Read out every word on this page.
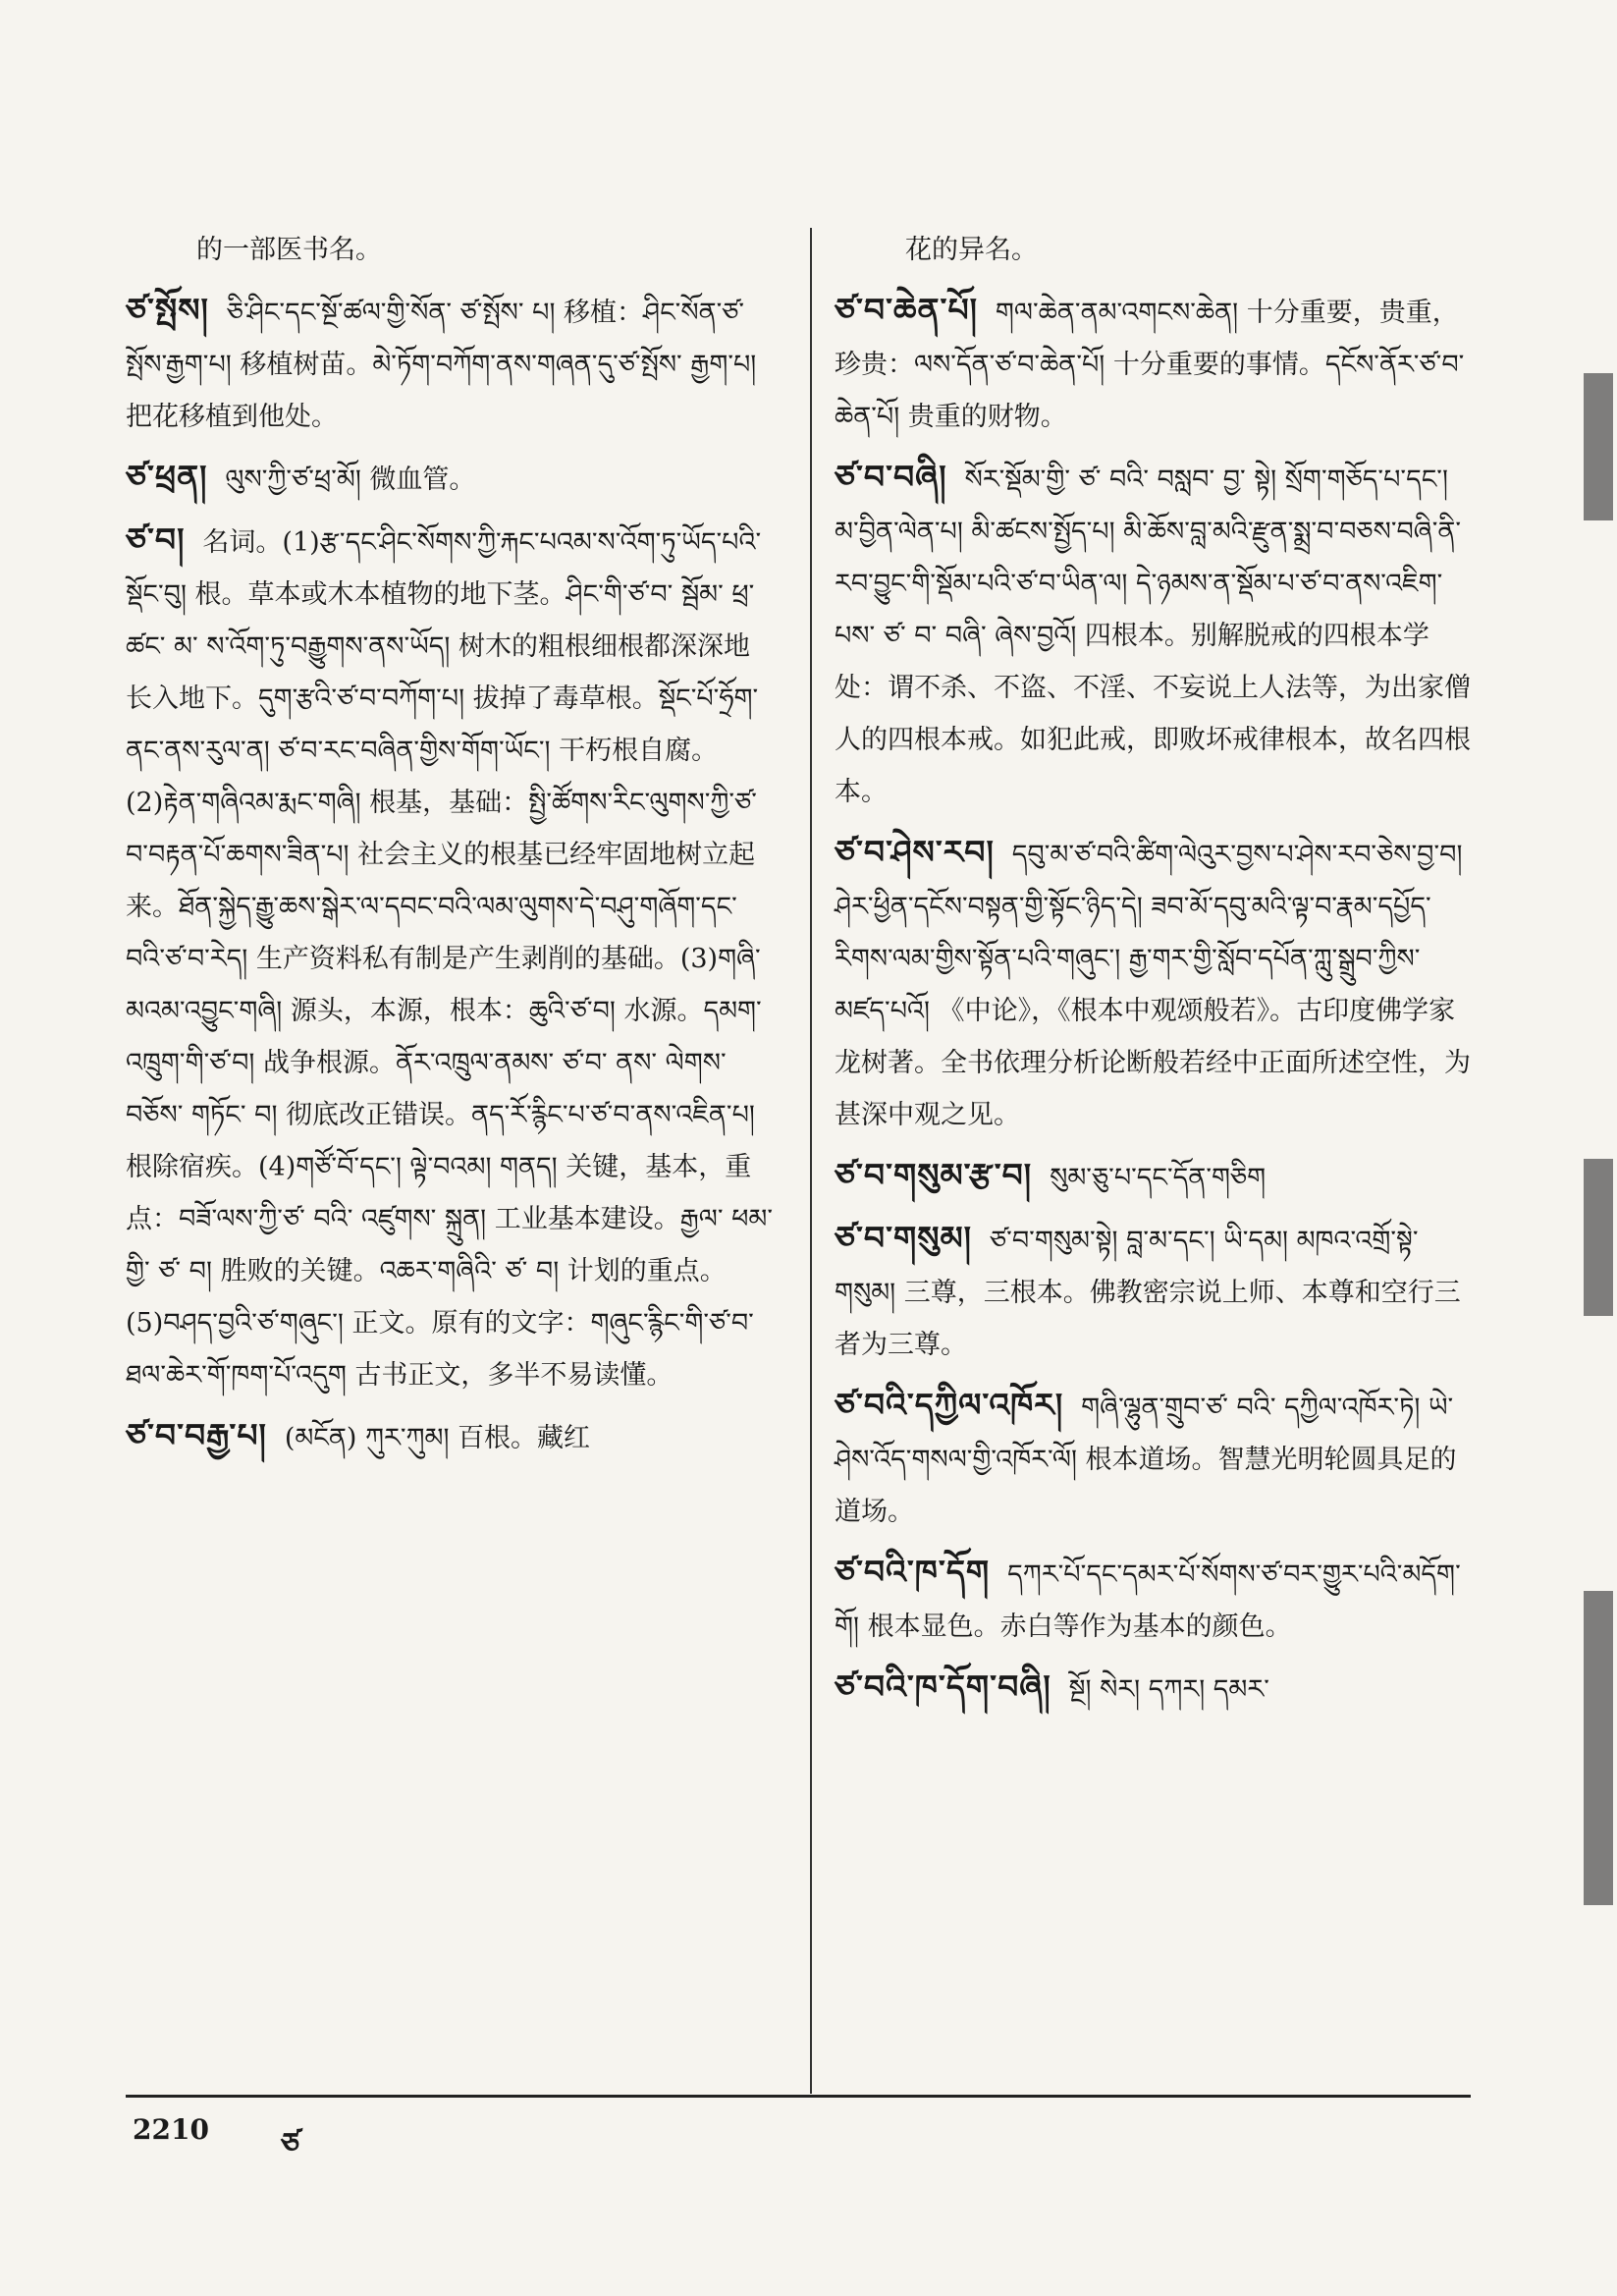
的一部医书名。
ཙ་སྤོས། ཅི་ཤིང་དང་སྔོ་ཚལ་གྱི་སོན་ ཙ་སྤོས་ པ། 移植：ཤིང་སོན་ཙ་སྤོས་རྒྱག་པ། 移植树苗。མེ་ཏོག་བཀོག་ནས་གཞན་དུ་ཙ་སྤོས་ རྒྱག་པ། 把花移植到他处。
ཙ་ཕྲན། ལུས་ཀྱི་ཙ་ཕྲ་མོ། 微血管。
ཙ་བ། 名词。(1)རྩ་དང་ཤིང་སོགས་ཀྱི་རྐང་པའམ་ས་འོག་ཏུ་ཡོད་པའི་སྡོང་བུ། 根。草本或木本植物的地下茎。ཤིང་གི་ཙ་བ་ སྦོམ་ ཕྲ་ ཚང་ མ་ ས་འོག་ཏུ་བརྒྱུགས་ནས་ཡོད། 树木的粗根细根都深深地长入地下。དུག་རྩའི་ཙ་བ་བཀོག་པ། 拔掉了毒草根。སྡོང་པོ་ཧྲོག་ནང་ནས་རུལ་ན། ཙ་བ་རང་བཞིན་གྱིས་གོག་ཡོང་། 干朽根自腐。(2)རྟེན་གཞིའམ་རྨང་གཞི། 根基，基础：སྤྱི་ཚོགས་རིང་ལུགས་ཀྱི་ཙ་བ་བརྟན་པོ་ཆགས་ཟིན་པ། 社会主义的根基已经牢固地树立起来。ཐོན་སྐྱེད་རྒྱུ་ཆས་སྒེར་ལ་དབང་བའི་ལམ་ལུགས་དེ་བཤུ་གཞོག་དང་བའི་ཙ་བ་རེད། 生产资料私有制是产生剥削的基础。(3)གཞི་མའམ་འབྱུང་གཞི། 源头，本源，根本：ཆུའི་ཙ་བ། 水源。དམག་འཁྲུག་གི་ཙ་བ། 战争根源。ནོར་འཁྲུལ་ནམས་ ཙ་བ་ ནས་ ལེགས་བཅོས་ གཏོང་ བ། 彻底改正错误。ནད་རོ་རྙིང་པ་ཙ་བ་ནས་འཇིན་པ། 根除宿疾。(4)གཙོ་བོ་དང་། ལྟེ་བའམ། གནད། 关键，基本，重点：བཟོ་ལས་ཀྱི་ཙ་ བའི་ འཛུགས་ སྐྲུན། 工业基本建设。རྒྱལ་ ཕམ་ གྱི་ ཙ་ བ། 胜败的关键。འཆར་གཞིའི་ ཙ་ བ། 计划的重点。(5)བཤད་བྱའི་ཙ་གཞུང་། 正文。原有的文字：གཞུང་རྙིང་གི་ཙ་བ་ཐལ་ཆེར་གོ་ཁག་པོ་འདུག 古书正文，多半不易读懂。
ཙ་བ་བརྒྱ་པ། (མངོན) ཀུར་ཀུམ། 百根。藏红
花的异名。
ཙ་བ་ཆེན་པོ། གལ་ཆེན་ནམ་འགངས་ཆེན། 十分重要，贵重，珍贵：ལས་དོན་ཙ་བ་ཆེན་པོ། 十分重要的事情。དངོས་ནོར་ཙ་བ་ཆེན་པོ། 贵重的财物。
ཙ་བ་བཞི། སོར་སྡོམ་གྱི་ ཙ་ བའི་ བསླབ་ བྱ་ སྟེ། སྲོག་གཅོད་པ་དང་། མ་བྱིན་ལེན་པ། མི་ཚངས་སྤྱོད་པ། མི་ཆོས་བླ་མའི་རྫུན་སྨྲ་བ་བཅས་བཞི་ནི་རབ་བྱུང་གི་སྡོམ་པའི་ཙ་བ་ཡིན་ལ། དེ་ཉམས་ན་སྡོམ་པ་ཙ་བ་ནས་འཇིག་པས་ ཙ་ བ་ བཞི་ ཞེས་བྱའོ། 四根本。别解脱戒的四根本学处：谓不杀、不盗、不淫、不妄说上人法等，为出家僧人的四根本戒。如犯此戒，即败坏戒律根本，故名四根本。
ཙ་བ་ཤེས་རབ། དབུ་མ་ཙ་བའི་ཚིག་ལེའུར་བྱས་པ་ཤེས་རབ་ཅེས་བྱ་བ། ཤེར་ཕྱིན་དངོས་བསྟན་གྱི་སྟོང་ཉིད་དེ། ཟབ་མོ་དབུ་མའི་ལྟ་བ་རྣམ་དཔྱོད་རིགས་ལམ་གྱིས་སྟོན་པའི་གཞུང་། རྒྱ་གར་གྱི་སློབ་དཔོན་ཀླུ་སྒྲུབ་ཀྱིས་མཛད་པའོ། 《中论》，《根本中观颂般若》。古印度佛学家龙树著。全书依理分析论断般若经中正面所述空性，为甚深中观之见。
ཙ་བ་གསུམ་རྩ་བ། སུམ་ཅུ་པ་དང་དོན་གཅིག
ཙ་བ་གསུམ། ཙ་བ་གསུམ་སྟེ། བླ་མ་དང་། ཡི་དམ། མཁའ་འགྲོ་སྟེ་གསུམ། 三尊，三根本。佛教密宗说上师、本尊和空行三者为三尊。
ཙ་བའི་དཀྱིལ་འཁོར། གཞི་ལྷུན་གྲུབ་ཙ་ བའི་ དཀྱིལ་འཁོར་ཏེ། ཡེ་ཤེས་འོད་གསལ་གྱི་འཁོར་ལོ། 根本道场。智慧光明轮圆具足的道场。
ཙ་བའི་ཁ་དོག དཀར་པོ་དང་དམར་པོ་སོགས་ཙ་བར་གྱུར་པའི་མདོག་གོ། 根本显色。赤白等作为基本的颜色。
ཙ་བའི་ཁ་དོག་བཞི། སྔོ། སེར། དཀར། དམར་
2210 ཙ
